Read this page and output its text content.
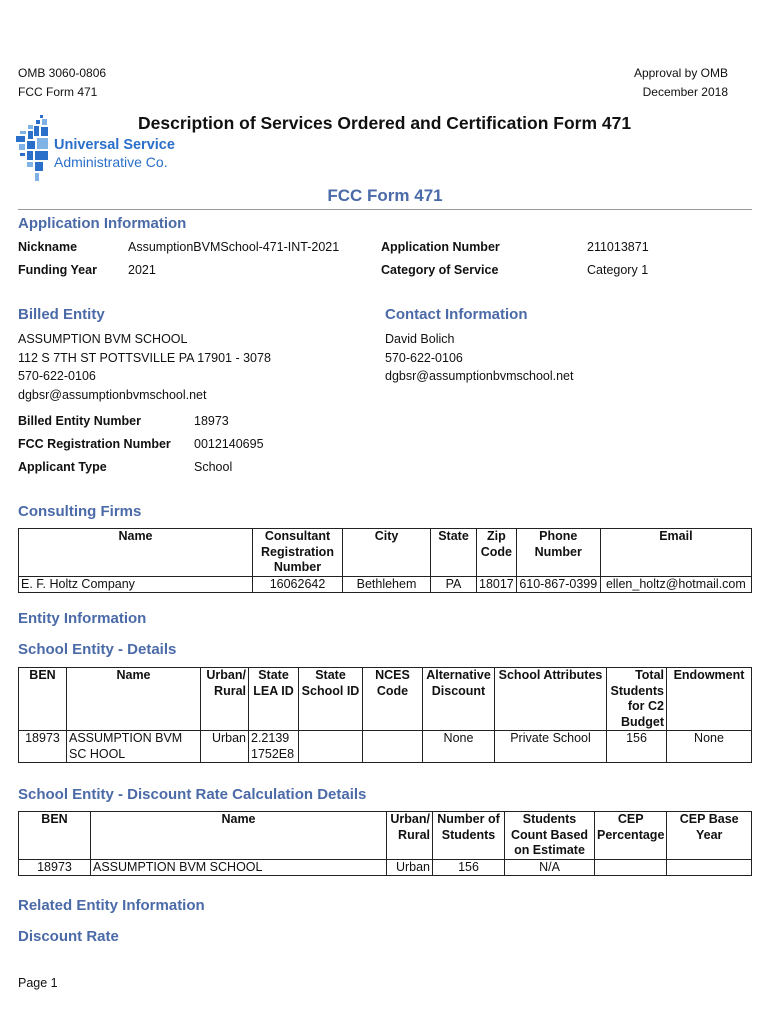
OMB 3060-0806
FCC Form 471
Approval by OMB
December 2018
Universal Service
Administrative Co.
Description of Services Ordered and Certification Form 471
FCC Form 471
Application Information
Nickname	AssumptionBVMSchool-471-INT-2021	Application Number	211013871
Funding Year 2021	Category of Service	Category 1
Billed Entity	Contact Information
ASSUMPTION BVM SCHOOL
112 S 7TH ST POTTSVILLE PA 17901 - 3078
570-622-0106
dgbsr@assumptionbvmschool.net
David Bolich
570-622-0106
dgbsr@assumptionbvmschool.net
Billed Entity Number	18973
FCC Registration Number 0012140695
Applicant Type	School
Consulting Firms
Name	Consultant Registration Number	City	State	Zip Code	Phone Number	Email
E. F. Holtz Company	16062642	Bethlehem	PA	18017	610-867-0399	ellen_holtz@hotmail.com
Entity Information
School Entity - Details
BEN	Name	Urban/ Rural	State LEA ID	State School ID	NCES Code	Alternative Discount	School Attributes	Total Students for C2 Budget	Endowment
18973	ASSUMPTION BVM SC HOOL	Urban	2.2139 1752E8			None	Private School	156	None
School Entity - Discount Rate Calculation Details
BEN	Name	Urban/ Rural	Number of Students	Students Count Based on Estimate	CEP Percentage	CEP Base Year
18973	ASSUMPTION BVM SCHOOL	Urban	156	N/A		
Related Entity Information
Discount Rate
Page 1
